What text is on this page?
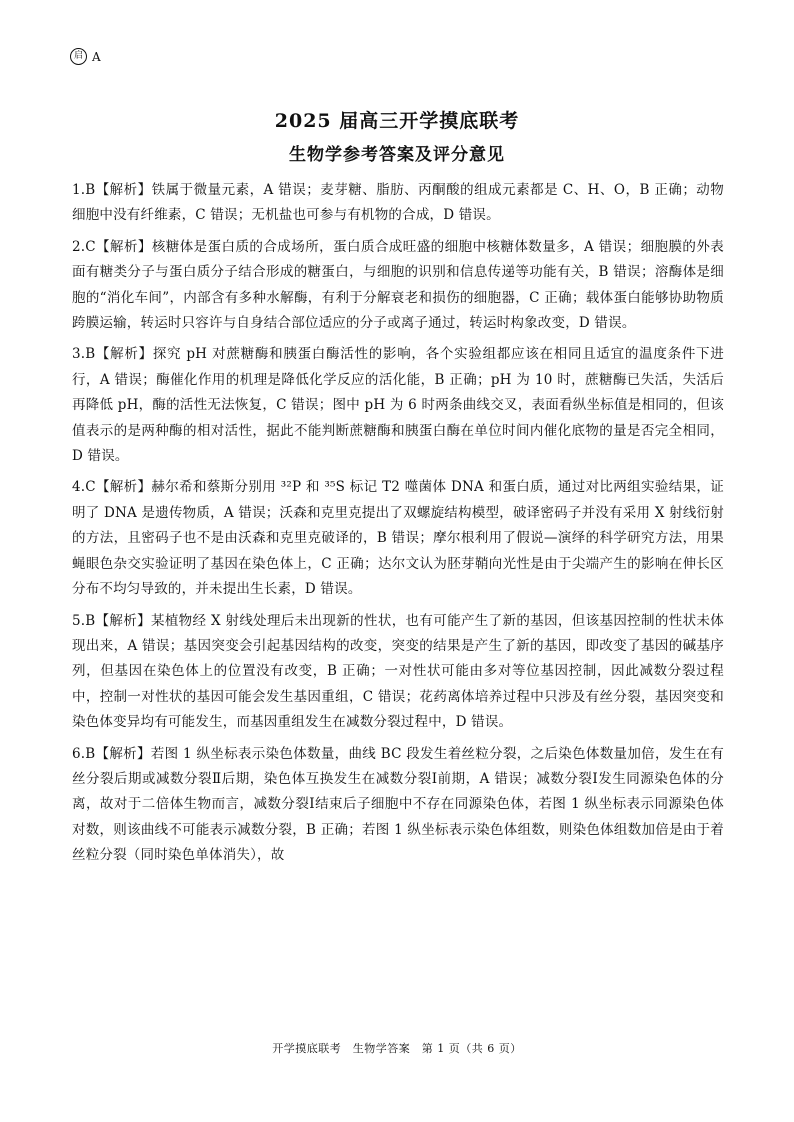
启 A
2025 届高三开学摸底联考
生物学参考答案及评分意见

1.B【解析】铁属于微量元素，A 错误；麦芽糖、脂肪、丙酮酸的组成元素都是 C、H、O，B 正确；动物细胞中没有纤维素，C 错误；无机盐也可参与有机物的合成，D 错误。

2.C【解析】核糖体是蛋白质的合成场所，蛋白质合成旺盛的细胞中核糖体数量多，A 错误；细胞膜的外表面有糖类分子与蛋白质分子结合形成的糖蛋白，与细胞的识别和信息传递等功能有关，B 错误；溶酶体是细胞的“消化车间”，内部含有多种水解酶，有利于分解衰老和损伤的细胞器，C 正确；载体蛋白能够协助物质跨膜运输，转运时只容许与自身结合部位适应的分子或离子通过，转运时构象改变，D 错误。

3.B【解析】探究 pH 对蔗糖酶和胰蛋白酶活性的影响，各个实验组都应该在相同且适宜的温度条件下进行，A 错误；酶催化作用的机理是降低化学反应的活化能，B 正确；pH 为 10 时，蔗糖酶已失活，失活后再降低 pH，酶的活性无法恢复，C 错误；图中 pH 为 6 时两条曲线交叉，表面看纵坐标值是相同的，但该值表示的是两种酶的相对活性，据此不能判断蔗糖酶和胰蛋白酶在单位时间内催化底物的量是否完全相同，D 错误。

4.C【解析】赫尔希和蔡斯分别用 ³²P 和 ³⁵S 标记 T2 噬菌体 DNA 和蛋白质，通过对比两组实验结果，证明了 DNA 是遗传物质，A 错误；沃森和克里克提出了双螺旋结构模型，破译密码子并没有采用 X 射线衍射的方法，且密码子也不是由沃森和克里克破译的，B 错误；摩尔根利用了假说—演绎的科学研究方法，用果蝇眼色杂交实验证明了基因在染色体上，C 正确；达尔文认为胚芽鞘向光性是由于尖端产生的影响在伸长区分布不均匀导致的，并未提出生长素，D 错误。

5.B【解析】某植物经 X 射线处理后未出现新的性状，也有可能产生了新的基因，但该基因控制的性状未体现出来，A 错误；基因突变会引起基因结构的改变，突变的结果是产生了新的基因，即改变了基因的碱基序列，但基因在染色体上的位置没有改变，B 正确；一对性状可能由多对等位基因控制，因此减数分裂过程中，控制一对性状的基因可能会发生基因重组，C 错误；花药离体培养过程中只涉及有丝分裂，基因突变和染色体变异均有可能发生，而基因重组发生在减数分裂过程中，D 错误。

6.B【解析】若图 1 纵坐标表示染色体数量，曲线 BC 段发生着丝粒分裂，之后染色体数量加倍，发生在有丝分裂后期或减数分裂Ⅱ后期，染色体互换发生在减数分裂Ⅰ前期，A 错误；减数分裂Ⅰ发生同源染色体的分离，故对于二倍体生物而言，减数分裂Ⅰ结束后子细胞中不存在同源染色体，若图 1 纵坐标表示同源染色体对数，则该曲线不可能表示减数分裂，B 正确；若图 1 纵坐标表示染色体组数，则染色体组数加倍是由于着丝粒分裂（同时染色单体消失），故

开学摸底联考　生物学答案　第 1 页（共 6 页）
